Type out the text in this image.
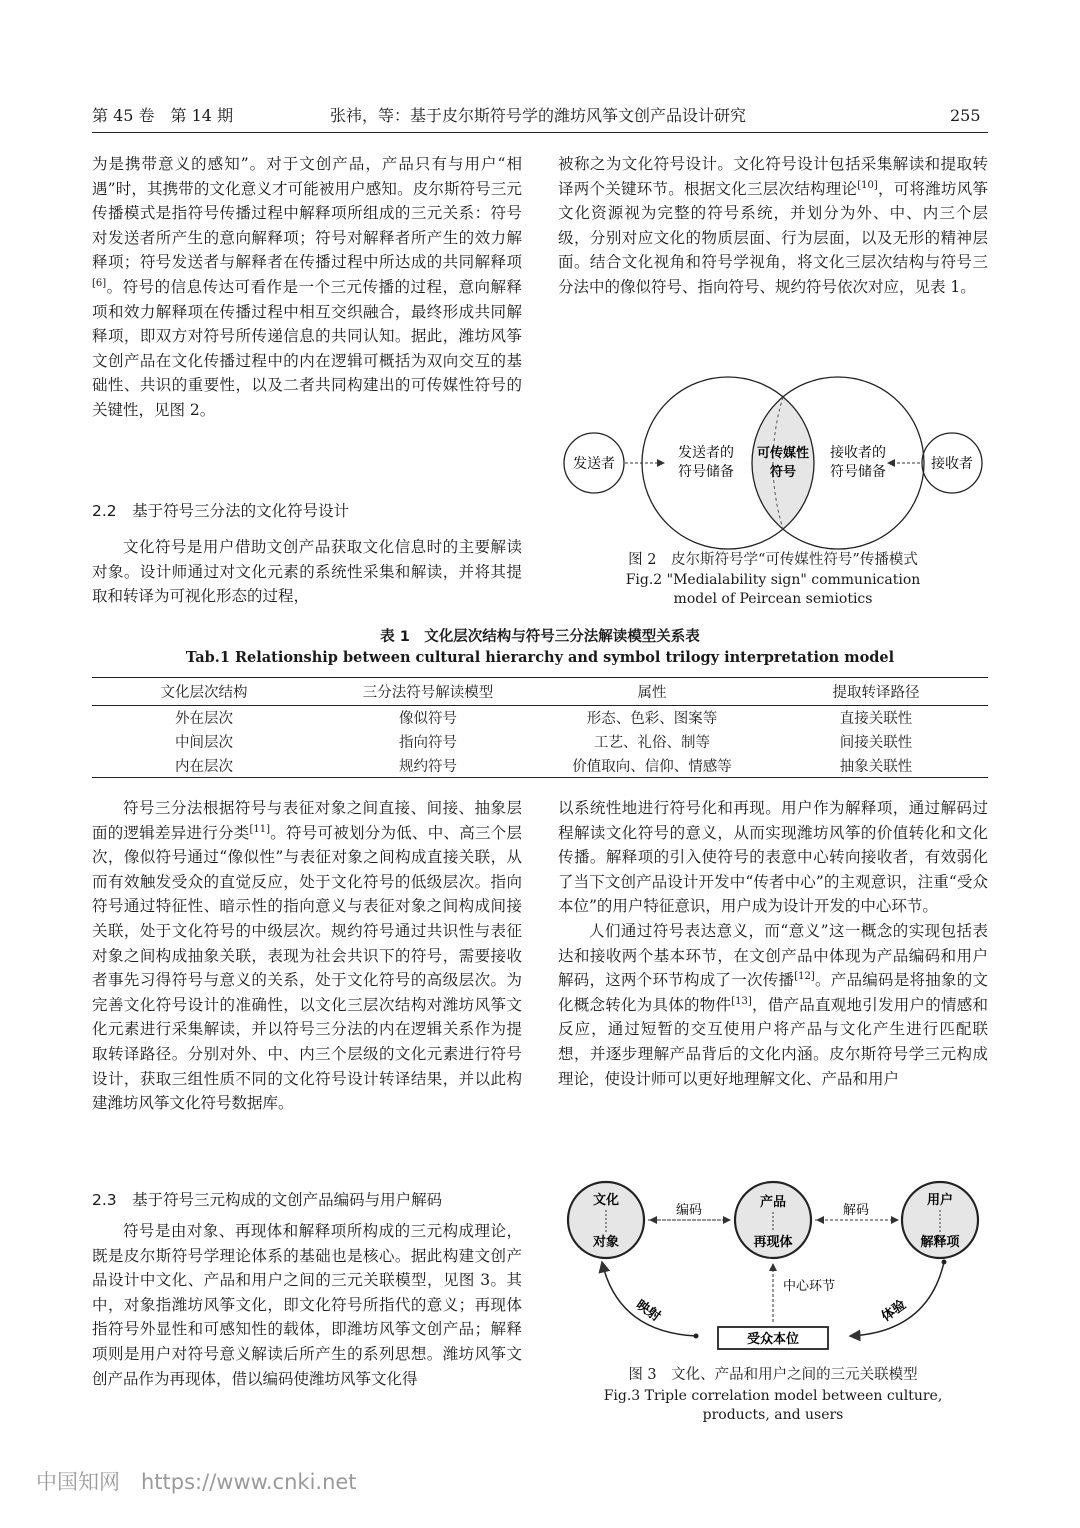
第 45 卷　第 14 期	张祎，等：基于皮尔斯符号学的潍坊风筝文创产品设计研究	255

为是携带意义的感知”。对于文创产品，产品只有与用户“相遇”时，其携带的文化意义才可能被用户感知。皮尔斯符号三元传播模式是指符号传播过程中解释项所组成的三元关系：符号对发送者所产生的意向解释项；符号对解释者所产生的效力解释项；符号发送者与解释者在传播过程中所达成的共同解释项[6]。符号的信息传达可看作是一个三元传播的过程，意向解释项和效力解释项在传播过程中相互交织融合，最终形成共同解释项，即双方对符号所传递信息的共同认知。据此，潍坊风筝文创产品在文化传播过程中的内在逻辑可概括为双向交互的基础性、共识的重要性，以及二者共同构建出的可传媒性符号的关键性，见图 2。

2.2　基于符号三分法的文化符号设计

文化符号是用户借助文创产品获取文化信息时的主要解读对象。设计师通过对文化元素的系统性采集和解读，并将其提取和转译为可视化形态的过程，

被称之为文化符号设计。文化符号设计包括采集解读和提取转译两个关键环节。根据文化三层次结构理论[10]，可将潍坊风筝文化资源视为完整的符号系统，并划分为外、中、内三个层级，分别对应文化的物质层面、行为层面，以及无形的精神层面。结合文化视角和符号学视角，将文化三层次结构与符号三分法中的像似符号、指向符号、规约符号依次对应，见表 1。

发送者	接收者
发送者的
符号储备
可传媒性
符号
接收者的
符号储备
图 2　皮尔斯符号学“可传媒性符号”传播模式
Fig.2 "Medialability sign" communication
model of Peircean semiotics
表 1　文化层次结构与符号三分法解读模型关系表
Tab.1 Relationship between cultural hierarchy and symbol trilogy interpretation model
文化层次结构	三分法符号解读模型	属性	提取转译路径
外在层次	像似符号	形态、色彩、图案等	直接关联性
中间层次	指向符号	工艺、礼俗、制等	间接关联性
内在层次	规约符号	价值取向、信仰、情感等	抽象关联性

符号三分法根据符号与表征对象之间直接、间接、抽象层面的逻辑差异进行分类[11]。符号可被划分为低、中、高三个层次，像似符号通过“像似性”与表征对象之间构成直接关联，从而有效触发受众的直觉反应，处于文化符号的低级层次。指向符号通过特征性、暗示性的指向意义与表征对象之间构成间接关联，处于文化符号的中级层次。规约符号通过共识性与表征对象之间构成抽象关联，表现为社会共识下的符号，需要接收者事先习得符号与意义的关系，处于文化符号的高级层次。为完善文化符号设计的准确性，以文化三层次结构对潍坊风筝文化元素进行采集解读，并以符号三分法的内在逻辑关系作为提取转译路径。分别对外、中、内三个层级的文化元素进行符号设计，获取三组性质不同的文化符号设计转译结果，并以此构建潍坊风筝文化符号数据库。

2.3　基于符号三元构成的文创产品编码与用户解码

符号是由对象、再现体和解释项所构成的三元构成理论，既是皮尔斯符号学理论体系的基础也是核心。据此构建文创产品设计中文化、产品和用户之间的三元关联模型，见图 3。其中，对象指潍坊风筝文化，即文化符号所指代的意义；再现体指符号外显性和可感知性的载体，即潍坊风筝文创产品；解释项则是用户对符号意义解读后所产生的系列思想。潍坊风筝文创产品作为再现体，借以编码使潍坊风筝文化得

以系统性地进行符号化和再现。用户作为解释项，通过解码过程解读文化符号的意义，从而实现潍坊风筝的价值转化和文化传播。解释项的引入使符号的表意中心转向接收者，有效弱化了当下文创产品设计开发中“传者中心”的主观意识，注重“受众本位”的用户特征意识，用户成为设计开发的中心环节。

人们通过符号表达意义，而“意义”这一概念的实现包括表达和接收两个基本环节，在文创产品中体现为产品编码和用户解码，这两个环节构成了一次传播[12]。产品编码是将抽象的文化概念转化为具体的物件[13]，借产品直观地引发用户的情感和反应，通过短暂的交互使用户将产品与文化产生进行匹配联想，并逐步理解产品背后的文化内涵。皮尔斯符号学三元构成理论，使设计师可以更好地理解文化、产品和用户

文化
对象
产品
再现体
用户
解释项
编码	解码
中心环节
映射	体验
受众本位
图 3　文化、产品和用户之间的三元关联模型
Fig.3 Triple correlation model between culture,
products, and users
中国知网　https://www.cnki.net
